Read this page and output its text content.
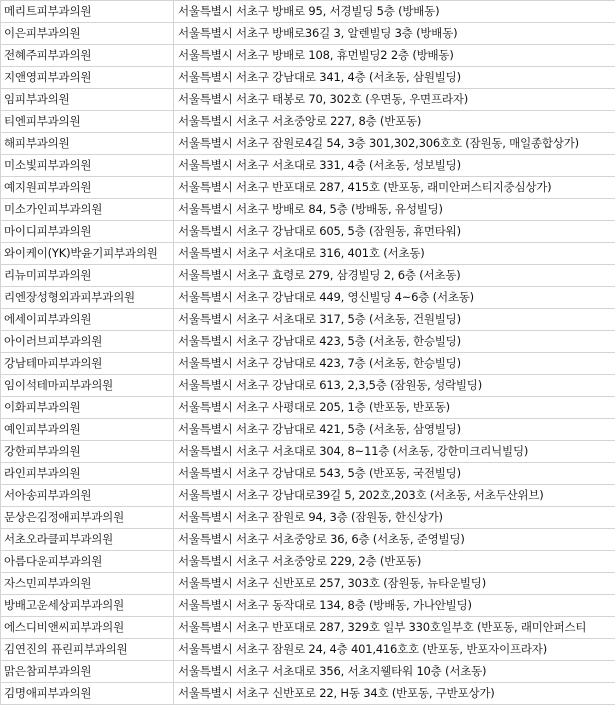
메리트피부과의원	서울특별시 서초구 방배로 95, 서경빌딩 5층 (방배동)
이은피부과의원	서울특별시 서초구 방배로36길 3, 알렌빌딩 3층 (방배동)
전혜주피부과의원	서울특별시 서초구 방배로 108, 휴먼빌딩2 2층 (방배동)
지앤영피부과의원	서울특별시 서초구 강남대로 341, 4층 (서초동, 삼원빌딩)
임피부과의원	서울특별시 서초구 태봉로 70, 302호 (우면동, 우면프라자)
티엔피부과의원	서울특별시 서초구 서초중앙로 227, 8층 (반포동)
해피부과의원	서울특별시 서초구 잠원로4길 54, 3층 301,302,306호호 (잠원동, 매일종합상가)
미소빛피부과의원	서울특별시 서초구 서초대로 331, 4층 (서초동, 성보빌딩)
예지원피부과의원	서울특별시 서초구 반포대로 287, 415호 (반포동, 래미안퍼스티지중심상가)
미소가인피부과의원	서울특별시 서초구 방배로 84, 5층 (방배동, 유성빌딩)
마이디피부과의원	서울특별시 서초구 강남대로 605, 5층 (잠원동, 휴먼타워)
와이케이(YK)박윤기피부과의원	서울특별시 서초구 서초대로 316, 401호 (서초동)
리뉴미피부과의원	서울특별시 서초구 효령로 279, 삼경빌딩 2, 6층 (서초동)
리엔장성형외과피부과의원	서울특별시 서초구 강남대로 449, 영신빌딩 4~6층 (서초동)
에세이피부과의원	서울특별시 서초구 서초대로 317, 5층 (서초동, 건원빌딩)
아이러브피부과의원	서울특별시 서초구 강남대로 423, 5층 (서초동, 한승빌딩)
강남테마피부과의원	서울특별시 서초구 강남대로 423, 7층 (서초동, 한승빌딩)
임이석테마피부과의원	서울특별시 서초구 강남대로 613, 2,3,5층 (잠원동, 성락빌딩)
이화피부과의원	서울특별시 서초구 사평대로 205, 1층 (반포동, 반포동)
예인피부과의원	서울특별시 서초구 강남대로 421, 5층 (서초동, 삼영빌딩)
강한피부과의원	서울특별시 서초구 서초대로 304, 8~11층 (서초동, 강한미크리닉빌딩)
라인피부과의원	서울특별시 서초구 강남대로 543, 5층 (반포동, 국전빌딩)
서아송피부과의원	서울특별시 서초구 강남대로39길 5, 202호,203호 (서초동, 서초두산위브)
문상은김정애피부과의원	서울특별시 서초구 잠원로 94, 3층 (잠원동, 한신상가)
서초오라클피부과의원	서울특별시 서초구 서초중앙로 36, 6층 (서초동, 준영빌딩)
아름다운피부과의원	서울특별시 서초구 서초중앙로 229, 2층 (반포동)
자스민피부과의원	서울특별시 서초구 신반포로 257, 303호 (잠원동, 뉴타운빌딩)
방배고운세상피부과의원	서울특별시 서초구 동작대로 134, 8층 (방배동, 가나안빌딩)
에스디비앤씨피부과의원	서울특별시 서초구 반포대로 287, 329호 일부 330호일부호 (반포동, 래미안퍼스티
김연진의 퓨린피부과의원	서울특별시 서초구 잠원로 24, 4층 401,416호호 (반포동, 반포자이프라자)
맑은참피부과의원	서울특별시 서초구 서초대로 356, 서초지웰타워 10층 (서초동)
김명애피부과의원	서울특별시 서초구 신반포로 22, H동 34호 (반포동, 구반포상가)
